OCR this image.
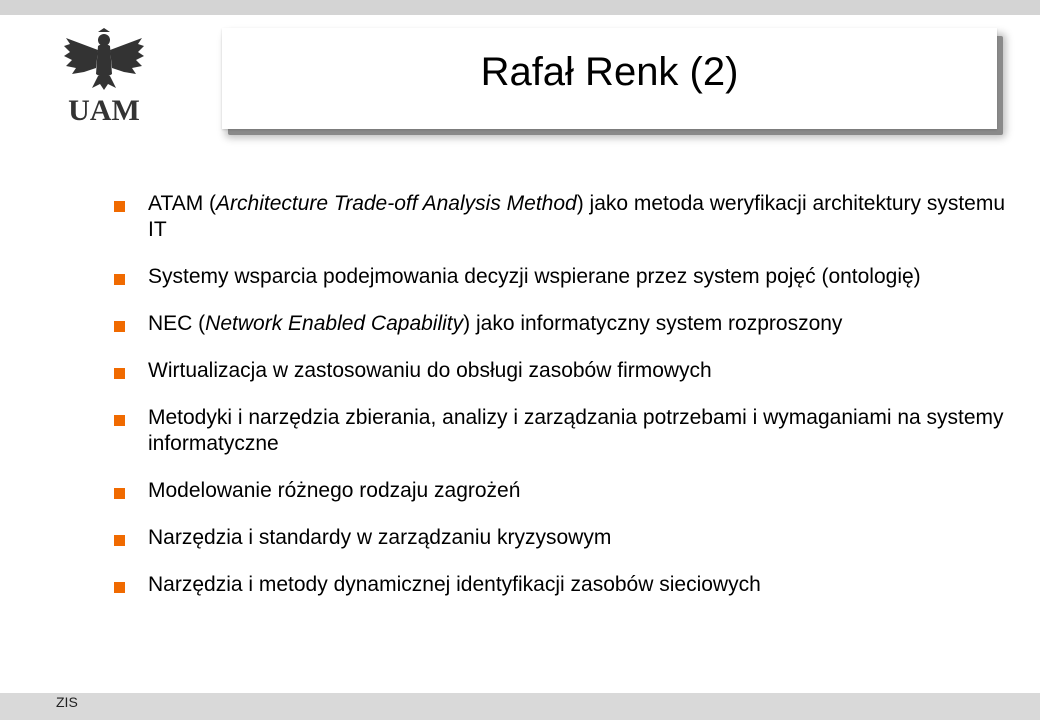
UAM
Rafał Renk (2)
ATAM (Architecture Trade-off Analysis Method) jako metoda weryfikacji architektury systemu IT
Systemy wsparcia podejmowania decyzji wspierane przez system pojęć (ontologię)
NEC (Network Enabled Capability) jako informatyczny system rozproszony
Wirtualizacja w zastosowaniu do obsługi zasobów firmowych
Metodyki i narzędzia zbierania, analizy i zarządzania potrzebami i wymaganiami na systemy informatyczne
Modelowanie różnego rodzaju zagrożeń
Narzędzia i standardy w zarządzaniu kryzysowym
Narzędzia i metody dynamicznej identyfikacji zasobów sieciowych
ZIS
